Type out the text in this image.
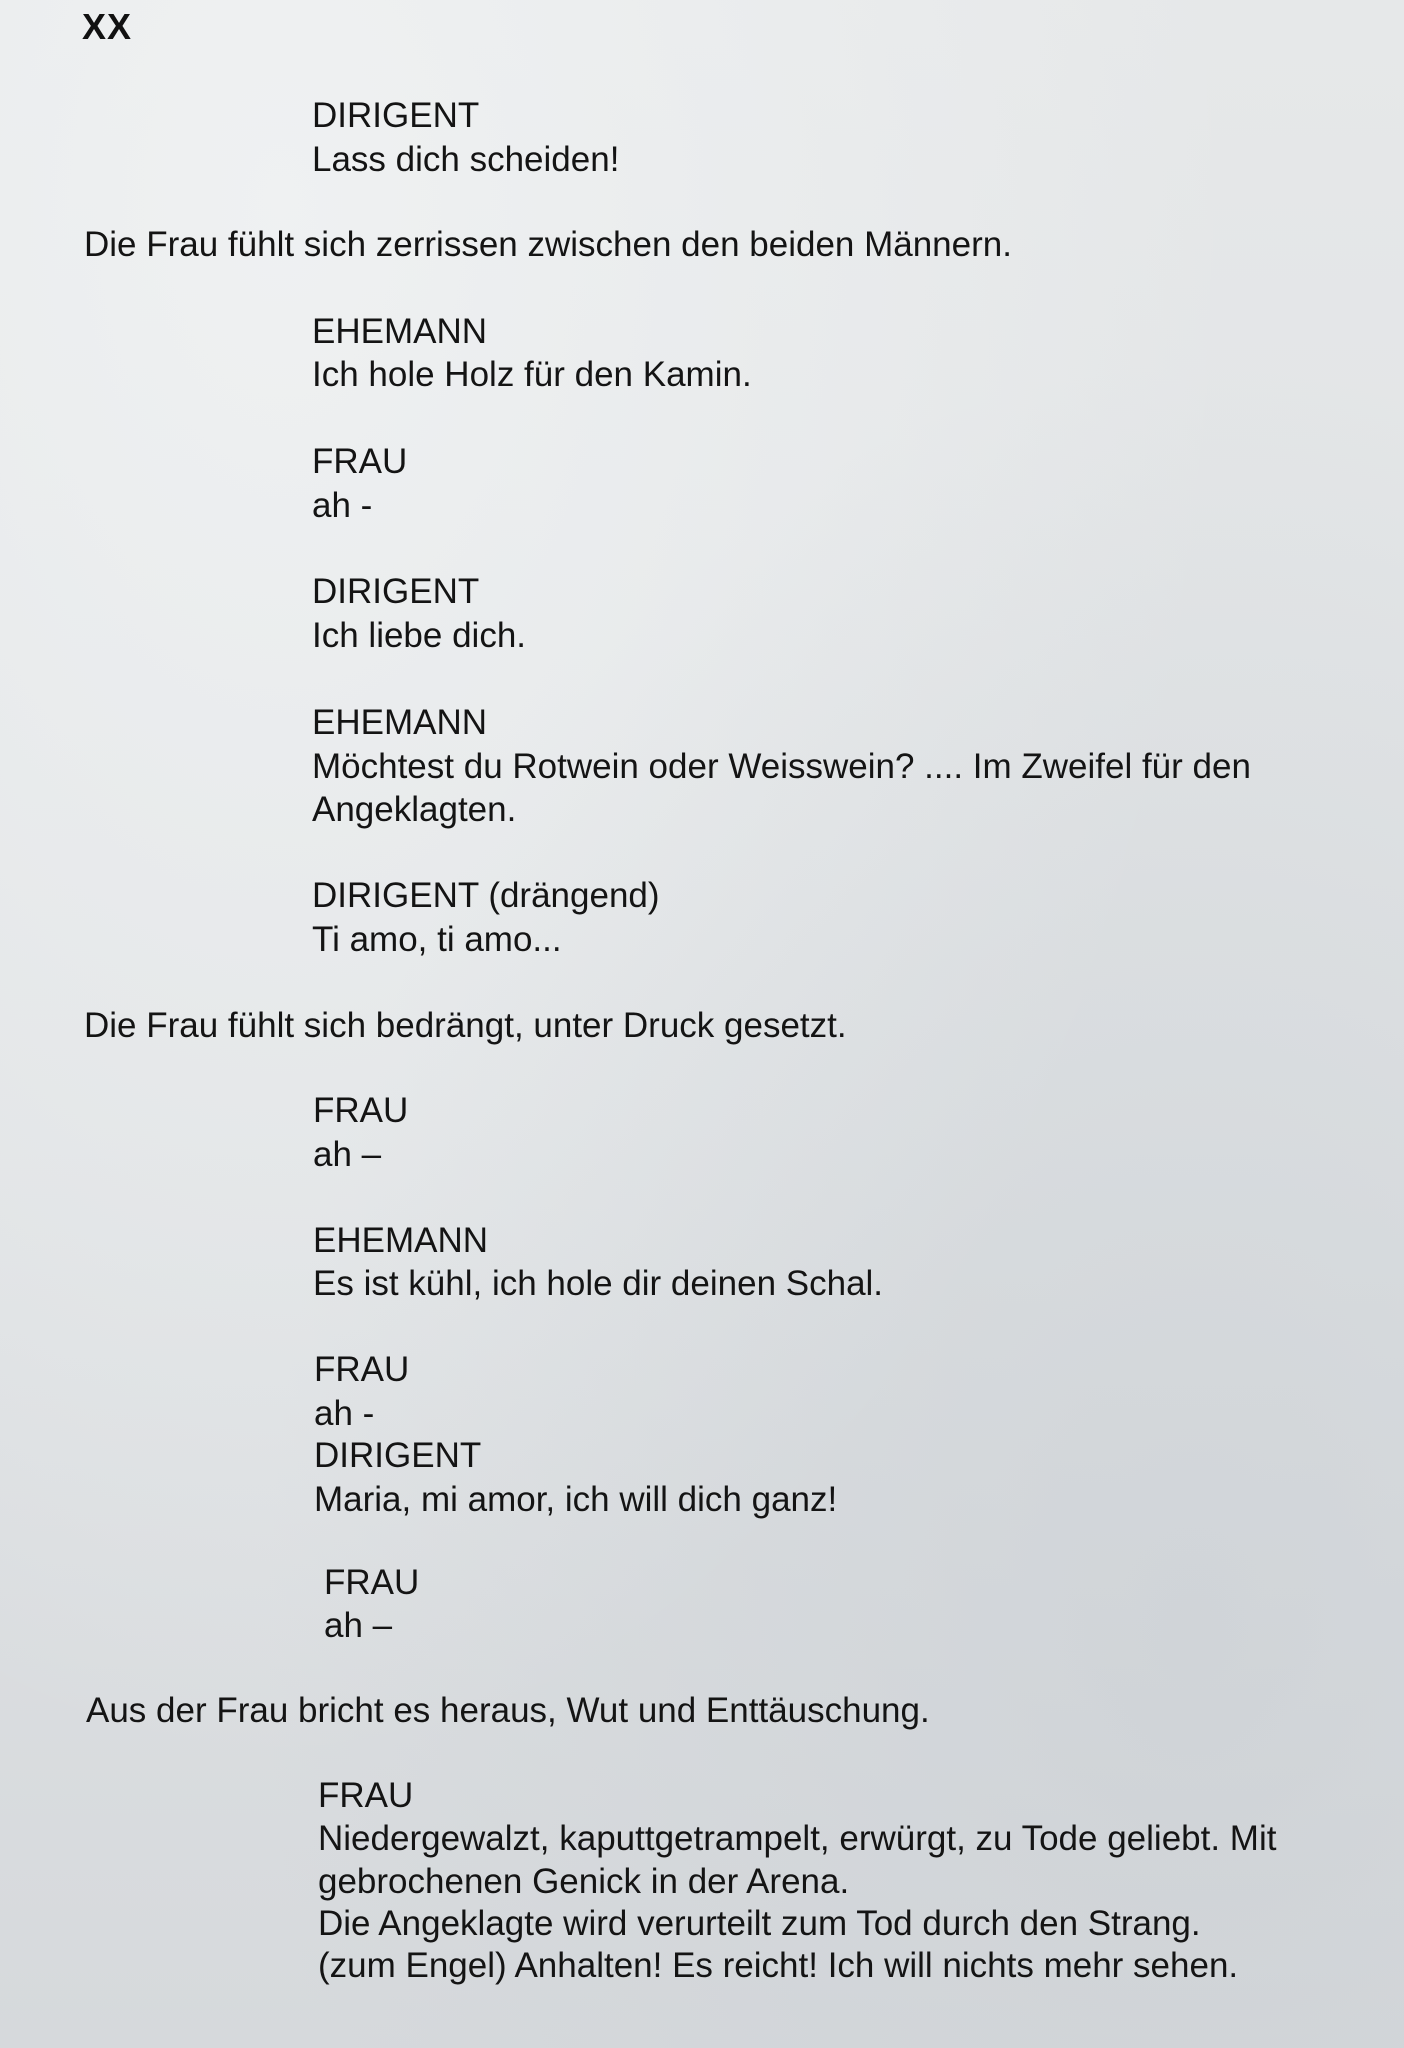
XX
DIRIGENT
Lass dich scheiden!
Die Frau fühlt sich zerrissen zwischen den beiden Männern.
EHEMANN
Ich hole Holz für den Kamin.
FRAU
ah -
DIRIGENT
Ich liebe dich.
EHEMANN
Möchtest du Rotwein oder Weisswein? .... Im Zweifel für den
Angeklagten.
DIRIGENT (drängend)
Ti amo, ti amo...
Die Frau fühlt sich bedrängt, unter Druck gesetzt.
FRAU
ah –
EHEMANN
Es ist kühl, ich hole dir deinen Schal.
FRAU
ah -
DIRIGENT
Maria, mi amor, ich will dich ganz!
FRAU
ah –
Aus der Frau bricht es heraus, Wut und Enttäuschung.
FRAU
Niedergewalzt, kaputtgetrampelt, erwürgt, zu Tode geliebt. Mit
gebrochenen Genick in der Arena.
Die Angeklagte wird verurteilt zum Tod durch den Strang.
(zum Engel) Anhalten! Es reicht! Ich will nichts mehr sehen.
